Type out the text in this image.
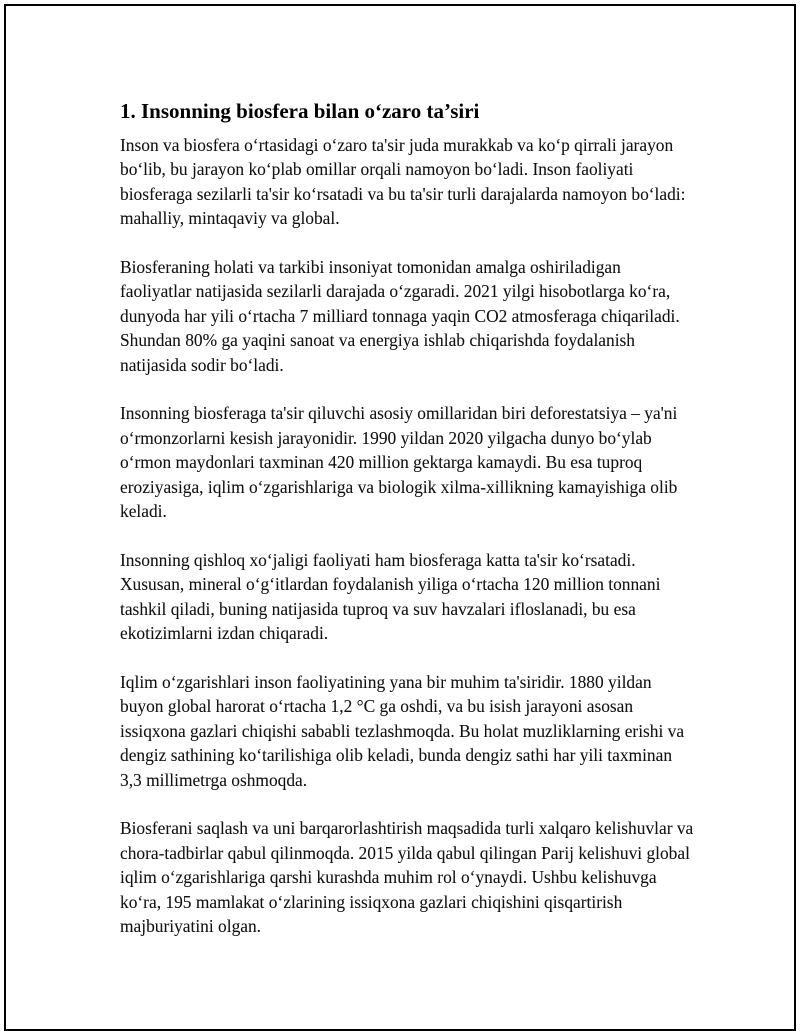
1. Insonning biosfera bilan o‘zaro ta’siri

Inson va biosfera o‘rtasidagi o‘zaro ta'sir juda murakkab va ko‘p qirrali jarayon bo‘lib, bu jarayon ko‘plab omillar orqali namoyon bo‘ladi. Inson faoliyati biosferaga sezilarli ta'sir ko‘rsatadi va bu ta'sir turli darajalarda namoyon bo‘ladi: mahalliy, mintaqaviy va global.

Biosferaning holati va tarkibi insoniyat tomonidan amalga oshiriladigan faoliyatlar natijasida sezilarli darajada o‘zgaradi. 2021 yilgi hisobotlarga ko‘ra, dunyoda har yili o‘rtacha 7 milliard tonnaga yaqin CO2 atmosferaga chiqariladi. Shundan 80% ga yaqini sanoat va energiya ishlab chiqarishda foydalanish natijasida sodir bo‘ladi.

Insonning biosferaga ta'sir qiluvchi asosiy omillaridan biri deforestatsiya – ya'ni o‘rmonzorlarni kesish jarayonidir. 1990 yildan 2020 yilgacha dunyo bo‘ylab o‘rmon maydonlari taxminan 420 million gektarga kamaydi. Bu esa tuproq eroziyasiga, iqlim o‘zgarishlariga va biologik xilma-xillikning kamayishiga olib keladi.

Insonning qishloq xo‘jaligi faoliyati ham biosferaga katta ta'sir ko‘rsatadi. Xususan, mineral o‘g‘itlardan foydalanish yiliga o‘rtacha 120 million tonnani tashkil qiladi, buning natijasida tuproq va suv havzalari ifloslanadi, bu esa ekotizimlarni izdan chiqaradi.

Iqlim o‘zgarishlari inson faoliyatining yana bir muhim ta'siridir. 1880 yildan buyon global harorat o‘rtacha 1,2 °C ga oshdi, va bu isish jarayoni asosan issiqxona gazlari chiqishi sababli tezlashmoqda. Bu holat muzliklarning erishi va dengiz sathining ko‘tarilishiga olib keladi, bunda dengiz sathi har yili taxminan 3,3 millimetrga oshmoqda.

Biosferani saqlash va uni barqarorlashtirish maqsadida turli xalqaro kelishuvlar va chora-tadbirlar qabul qilinmoqda. 2015 yilda qabul qilingan Parij kelishuvi global iqlim o‘zgarishlariga qarshi kurashda muhim rol o‘ynaydi. Ushbu kelishuvga ko‘ra, 195 mamlakat o‘zlarining issiqxona gazlari chiqishini qisqartirish majburiyatini olgan.
